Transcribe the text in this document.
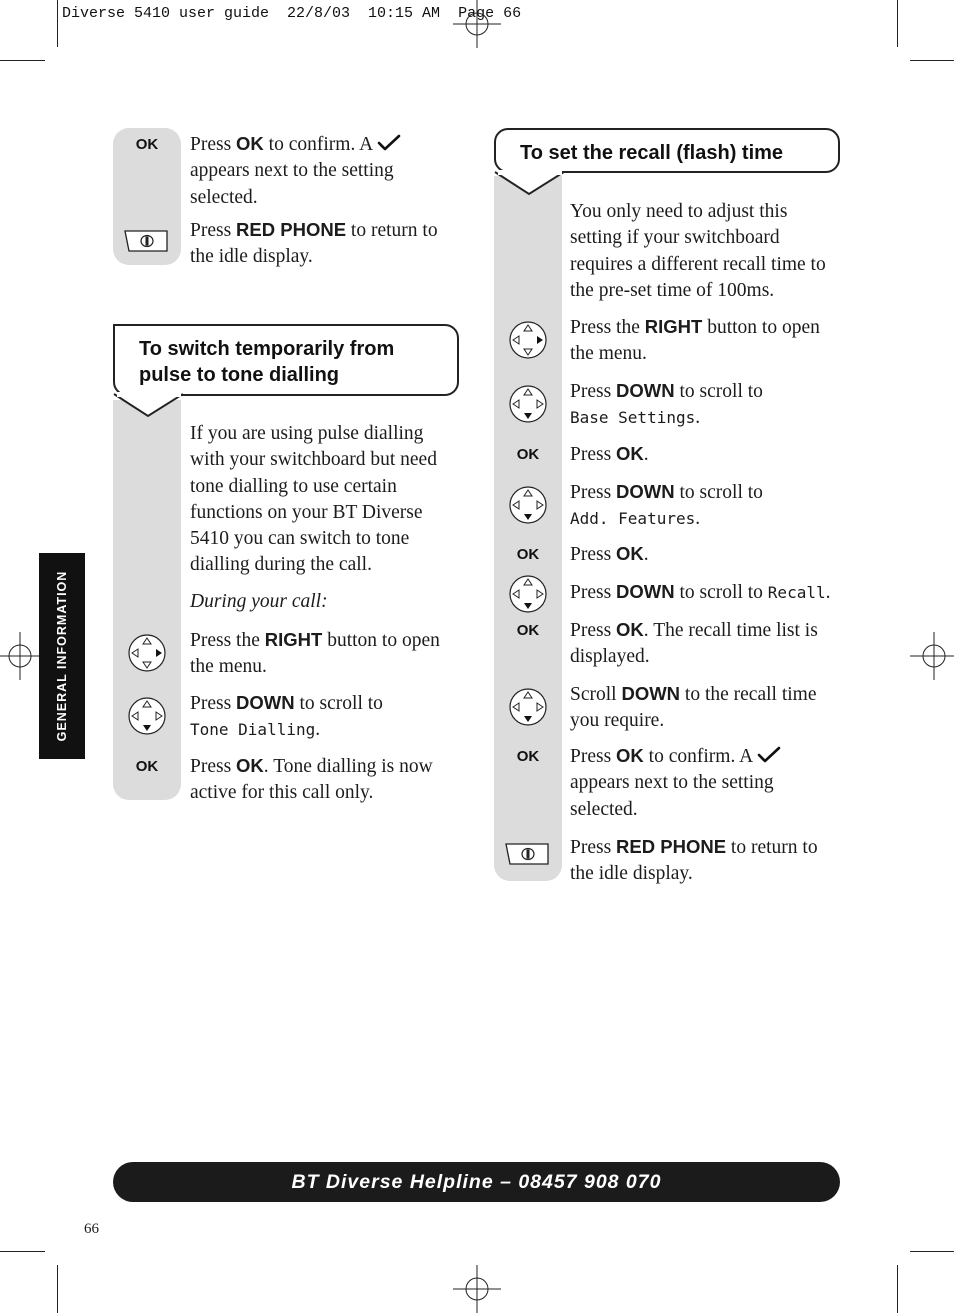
Diverse 5410 user guide  22/8/03  10:15 AM  Page 66
GENERAL INFORMATION
OK	Press OK to confirm. A
appears next to the setting selected.

Press RED PHONE to return to the idle display.

To switch temporarily from
pulse to tone dialling

If you are using pulse dialling with your switchboard but need tone dialling to use certain functions on your BT Diverse 5410 you can switch to tone dialling during the call.

During your call:

Press the RIGHT button to open the menu.

Press DOWN to scroll to
Tone Dialling.

OK	Press OK. Tone dialling is now active for this call only.

To set the recall (flash) time

You only need to adjust this setting if your switchboard requires a different recall time to the pre-set time of 100ms.

Press the RIGHT button to open the menu.

Press DOWN to scroll to
Base Settings.

OK	Press OK.

Press DOWN to scroll to
Add. Features.

OK	Press OK.

Press DOWN to scroll to Recall.

OK	Press OK. The recall time list is displayed.

Scroll DOWN to the recall time you require.

OK	Press OK to confirm. A
appears next to the setting selected.

Press RED PHONE to return to the idle display.

BT Diverse Helpline – 08457 908 070
66
